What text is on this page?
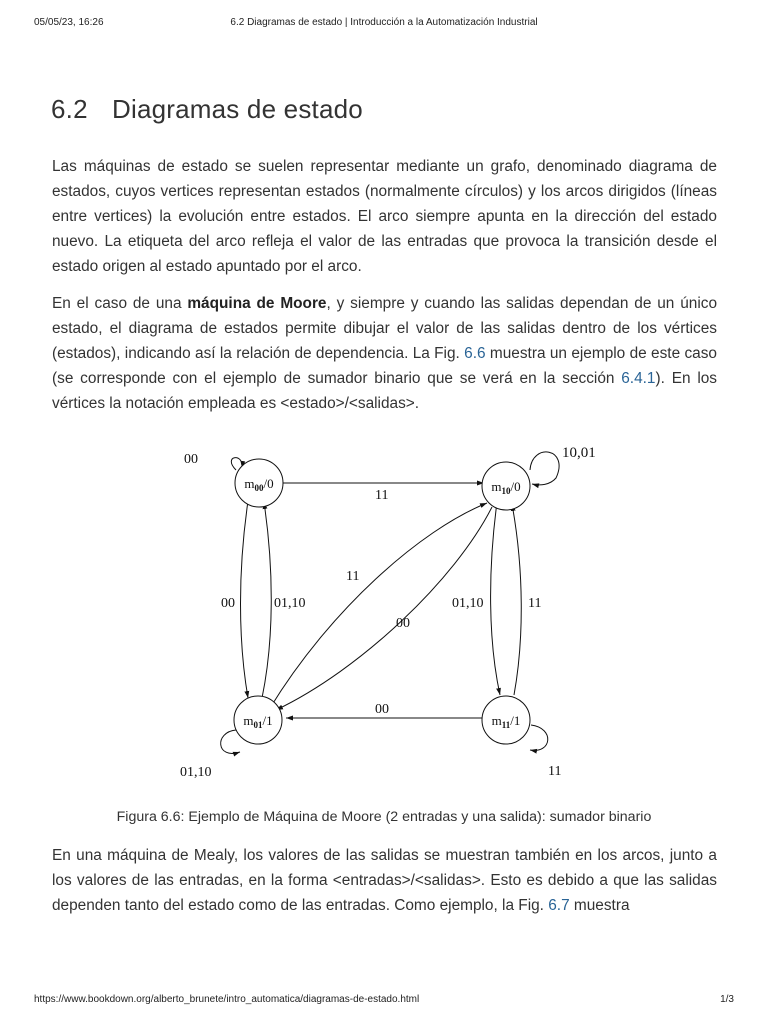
05/05/23, 16:26	6.2 Diagramas de estado | Introducción a la Automatización Industrial
6.2 Diagramas de estado

Las máquinas de estado se suelen representar mediante un grafo, denominado diagrama de estados, cuyos vertices representan estados (normalmente círculos) y los arcos dirigidos (líneas entre vertices) la evolución entre estados. El arco siempre apunta en la dirección del estado nuevo. La etiqueta del arco refleja el valor de las entradas que provoca la transición desde el estado origen al estado apuntado por el arco.

En el caso de una máquina de Moore, y siempre y cuando las salidas dependan de un único estado, el diagrama de estados permite dibujar el valor de las salidas dentro de los vértices (estados), indicando así la relación de dependencia. La Fig. 6.6 muestra un ejemplo de este caso (se corresponde con el ejemplo de sumador binario que se verá en la sección 6.4.1). En los vértices la notación empleada es <estado>/<salidas>.

$m_{00}/0$	$m_{10}/0$
$m_{01}/1$	$m_{11}/1$
00	10,01
01,10	11
11
00	01,10
11
00
01,10	11
00
Figura 6.6: Ejemplo de Máquina de Moore (2 entradas y una salida): sumador binario

En una máquina de Mealy, los valores de las salidas se muestran también en los arcos, junto a los valores de las entradas, en la forma <entradas>/<salidas>. Esto es debido a que las salidas dependen tanto del estado como de las entradas. Como ejemplo, la Fig. 6.7 muestra

https://www.bookdown.org/alberto_brunete/intro_automatica/diagramas-de-estado.html	1/3
